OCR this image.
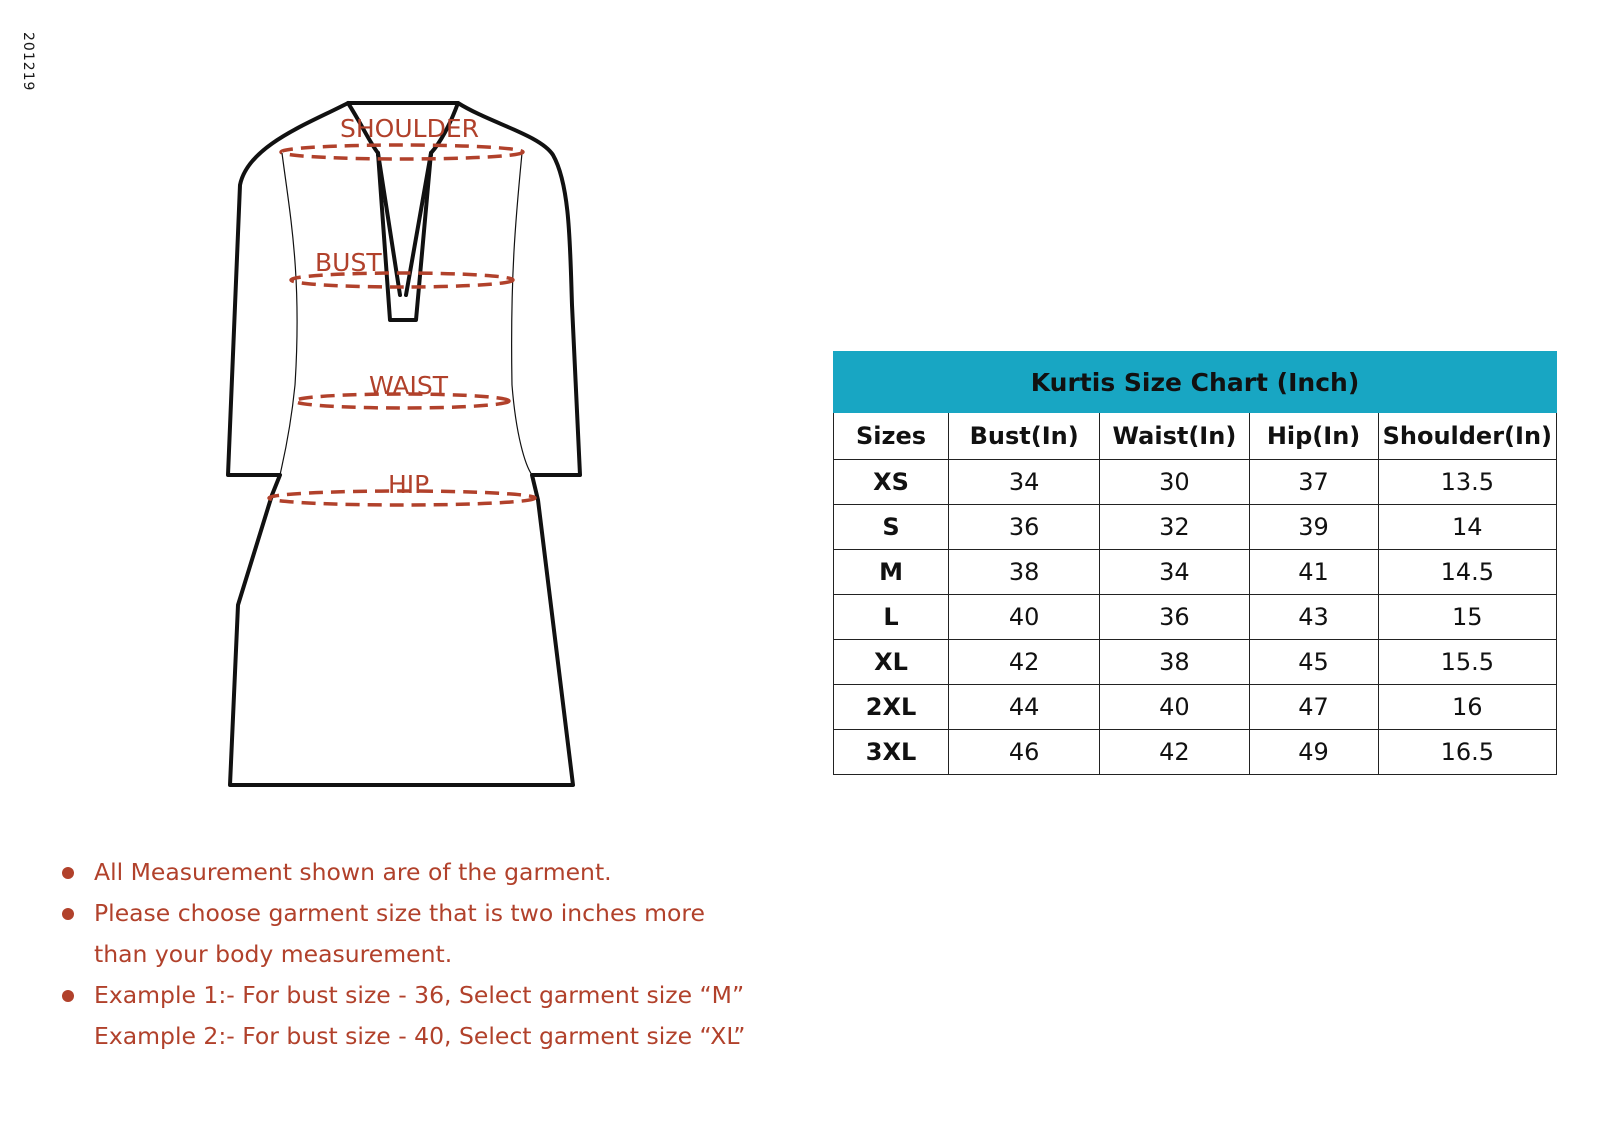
201219
SHOULDER
BUST
WAIST
HIP
Kurtis Size Chart (Inch)				
Sizes	Bust(In)	Waist(In)	Hip(In)	Shoulder(In)
XS	34	30	37	13.5
S	36	32	39	14
M	38	34	41	14.5
L	40	36	43	15
XL	42	38	45	15.5
2XL	44	40	47	16
3XL	46	42	49	16.5
All Measurement shown are of the garment.
Please choose garment size that is two inches more
than your body measurement.
Example 1:- For bust size - 36, Select garment size “M”
Example 2:- For bust size - 40, Select garment size “XL”
